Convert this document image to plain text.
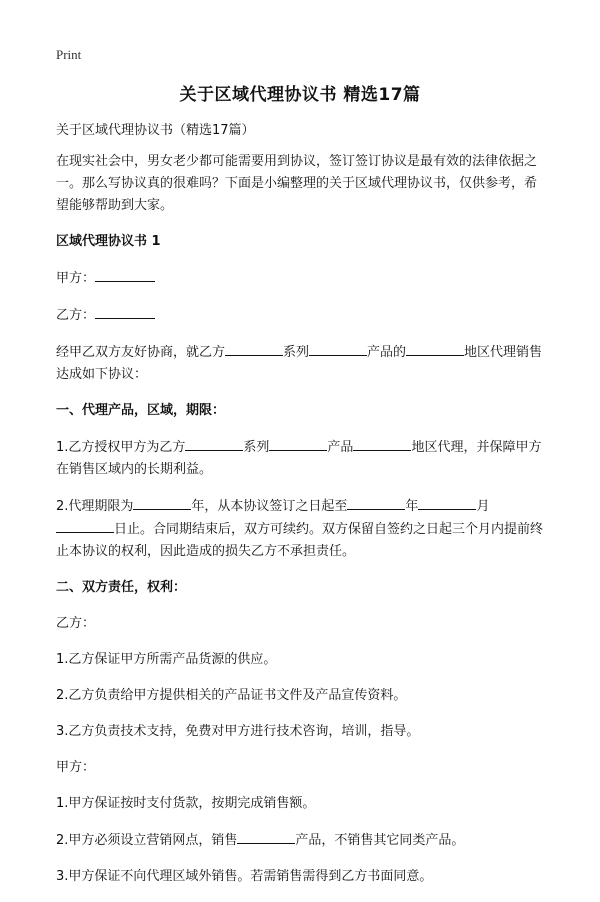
Print
关于区域代理协议书 精选17篇

关于区域代理协议书（精选17篇）

在现实社会中，男女老少都可能需要用到协议，签订签订协议是最有效的法律依据之一。那么写协议真的很难吗？下面是小编整理的关于区域代理协议书，仅供参考，希望能够帮助到大家。

区域代理协议书 1

甲方：

乙方：

经甲乙双方友好协商，就乙方	系列	产品的	地区代理销售达成如下协议：

一、代理产品，区域，期限：

1.乙方授权甲方为乙方	系列	产品	地区代理，并保障甲方在销售区域内的长期利益。

2.代理期限为	年，从本协议签订之日起至	年	月日止。合同期结束后，双方可续约。双方保留自签约之日起三个月内提前终止本协议的权利，因此造成的损失乙方不承担责任。

二、双方责任，权利：

乙方：

1.乙方保证甲方所需产品货源的供应。

2.乙方负责给甲方提供相关的产品证书文件及产品宣传资料。

3.乙方负责技术支持，免费对甲方进行技术咨询，培训，指导。

甲方：

1.甲方保证按时支付货款，按期完成销售额。

2.甲方必须设立营销网点，销售	产品，不销售其它同类产品。

3.甲方保证不向代理区域外销售。若需销售需得到乙方书面同意。
